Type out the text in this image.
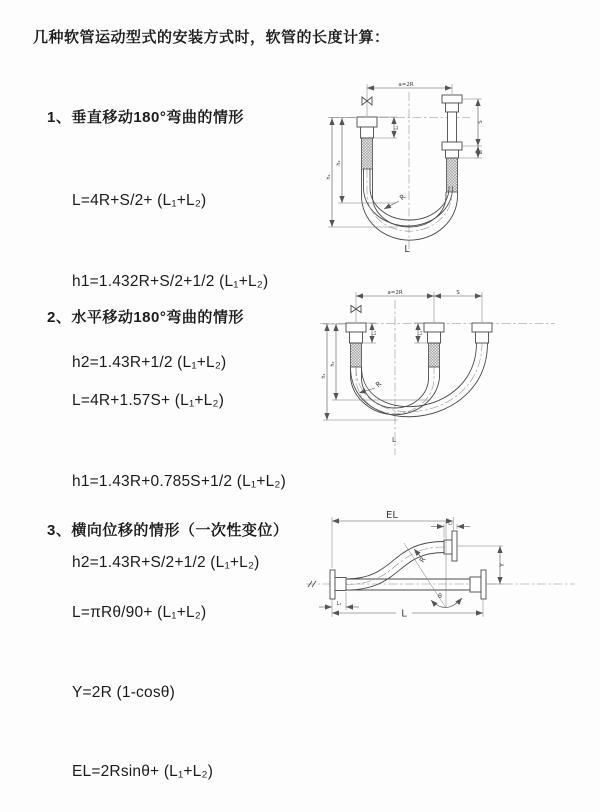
几种软管运动型式的安装方式时，软管的长度计算：
1、垂直移动180°弯曲的情形

L=4R+S/2+ (L₁+L₂)

h1=1.432R+S/2+1/2 (L₁+L₂)

h2=1.43R+1/2 (L₁+L₂)

2、水平移动180°弯曲的情形

L=4R+1.57S+ (L₁+L₂)

h1=1.43R+0.785S+1/2 (L₁+L₂)

h2=1.43R+S/2+1/2 (L₁+L₂)

3、横向位移的情形（一次性变位）

L=πRθ/90+ (L₁+L₂)

Y=2R (1-cosθ)

EL=2Rsinθ+ (L₁+L₂)

a=2R
h₁
h₂
L₁
S
L₁
R
L
a=2R	S
h₁
h₂
L₁	L₁
R
L
EL
L₂
Y
R
θ
L
L₁
